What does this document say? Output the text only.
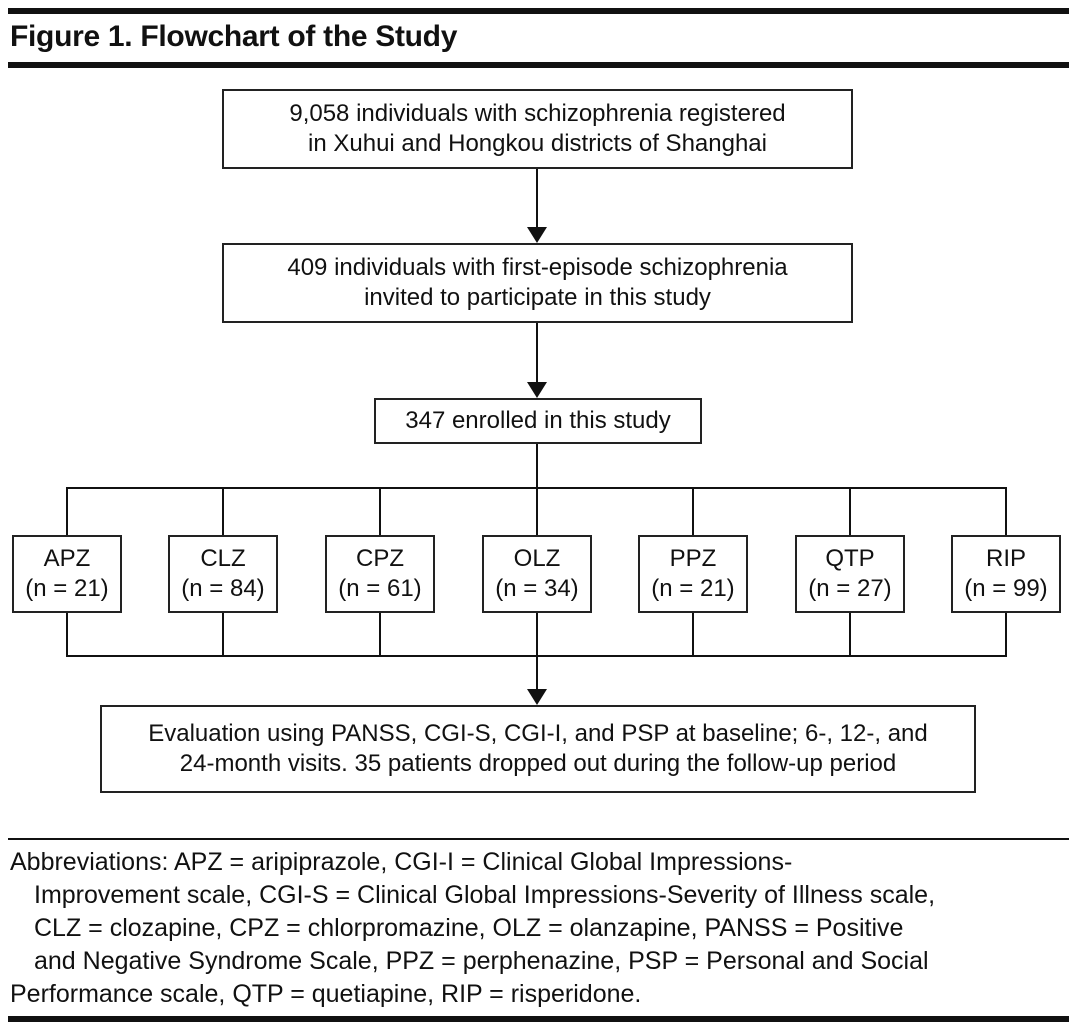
Figure 1. Flowchart of the Study
9,058 individuals with schizophrenia registered
in Xuhui and Hongkou districts of Shanghai
409 individuals with first-episode schizophrenia
invited to participate in this study
347 enrolled in this study
APZ
(n = 21)
CLZ
(n = 84)
CPZ
(n = 61)
OLZ
(n = 34)
PPZ
(n = 21)
QTP
(n = 27)
RIP
(n = 99)
Evaluation using PANSS, CGI-S, CGI-I, and PSP at baseline; 6-, 12-, and
24-month visits. 35 patients dropped out during the follow-up period
Abbreviations: APZ = aripiprazole, CGI-I = Clinical Global Impressions-
Improvement scale, CGI-S = Clinical Global Impressions-Severity of Illness scale,
CLZ = clozapine, CPZ = chlorpromazine, OLZ = olanzapine, PANSS = Positive
and Negative Syndrome Scale, PPZ = perphenazine, PSP = Personal and Social
Performance scale, QTP = quetiapine, RIP = risperidone.
